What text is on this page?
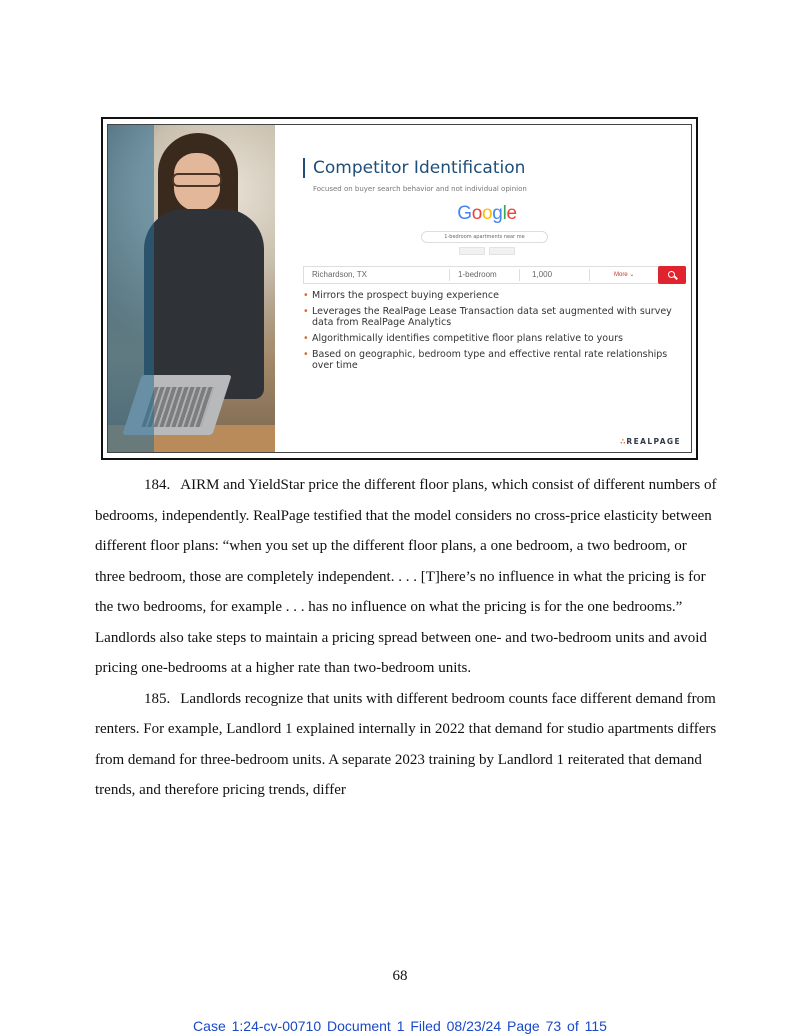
Competitor Identification
Focused on buyer search behavior and not individual opinion
Google
1-bedroom apartments near me
Richardson, TX	1-bedroom	1,000	More ⌄
• Mirrors the prospect buying experience
• Leverages the RealPage Lease Transaction data set augmented with survey data from RealPage Analytics
• Algorithmically identifies competitive floor plans relative to yours
• Based on geographic, bedroom type and effective rental rate relationships over time
∴REALPAGE

184. AIRM and YieldStar price the different floor plans, which consist of different numbers of bedrooms, independently. RealPage testified that the model considers no cross-price elasticity between different floor plans: “when you set up the different floor plans, a one bedroom, a two bedroom, or three bedroom, those are completely independent. . . . [T]here’s no influence in what the pricing is for the two bedrooms, for example . . . has no influence on what the pricing is for the one bedrooms.” Landlords also take steps to maintain a pricing spread between one- and two-bedroom units and avoid pricing one-bedrooms at a higher rate than two-bedroom units.

185. Landlords recognize that units with different bedroom counts face different demand from renters. For example, Landlord 1 explained internally in 2022 that demand for studio apartments differs from demand for three-bedroom units. A separate 2023 training by Landlord 1 reiterated that demand trends, and therefore pricing trends, differ

68
Case 1:24-cv-00710 Document 1 Filed 08/23/24 Page 73 of 115
